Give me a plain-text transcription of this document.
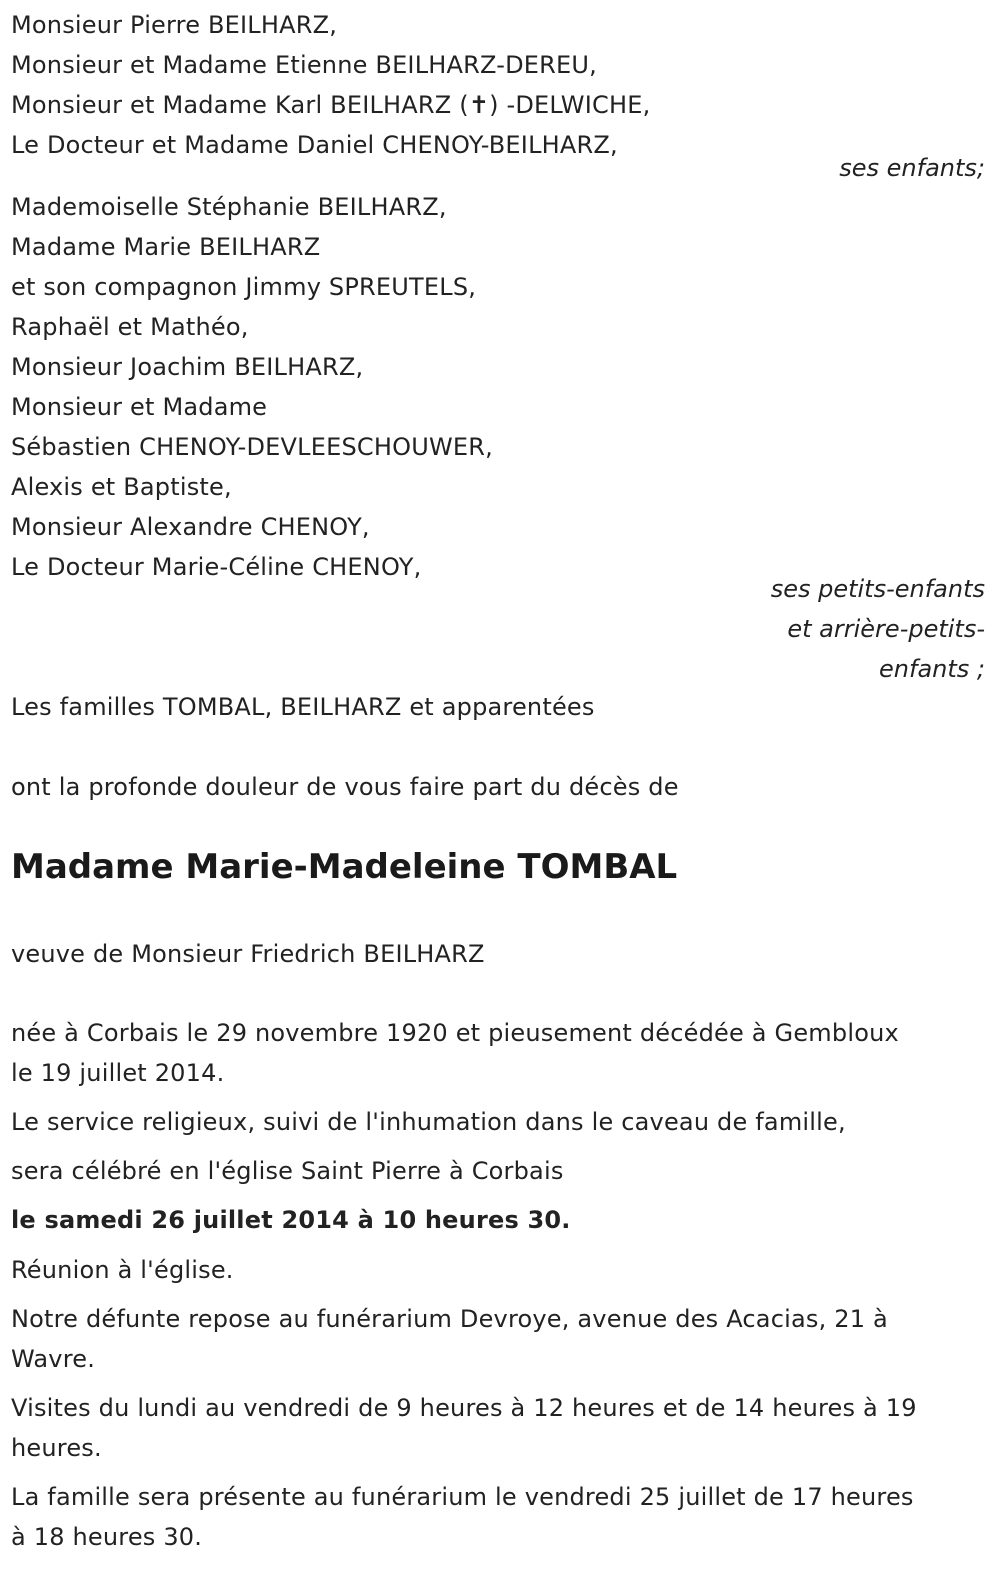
Monsieur Pierre BEILHARZ,
Monsieur et Madame Etienne BEILHARZ-DEREU,
Monsieur et Madame Karl BEILHARZ (✝) -DELWICHE,
Le Docteur et Madame Daniel CHENOY-BEILHARZ,
ses enfants;
Mademoiselle Stéphanie BEILHARZ,
Madame Marie BEILHARZ
et son compagnon Jimmy SPREUTELS,
Raphaël et Mathéo,
Monsieur Joachim BEILHARZ,
Monsieur et Madame
Sébastien CHENOY-DEVLEESCHOUWER,
Alexis et Baptiste,
Monsieur Alexandre CHENOY,
Le Docteur Marie-Céline CHENOY,
ses petits-enfants
et arrière-petits-
enfants ;
Les familles TOMBAL, BEILHARZ et apparentées
ont la profonde douleur de vous faire part du décès de
Madame Marie-Madeleine TOMBAL
veuve de Monsieur Friedrich BEILHARZ
née à Corbais le 29 novembre 1920 et pieusement décédée à Gembloux
le 19 juillet 2014.
Le service religieux, suivi de l'inhumation dans le caveau de famille,
sera célébré en l'église Saint Pierre à Corbais
le samedi 26 juillet 2014 à 10 heures 30.
Réunion à l'église.
Notre défunte repose au funérarium Devroye, avenue des Acacias, 21 à
Wavre.
Visites du lundi au vendredi de 9 heures à 12 heures et de 14 heures à 19
heures.
La famille sera présente au funérarium le vendredi 25 juillet de 17 heures
à 18 heures 30.
